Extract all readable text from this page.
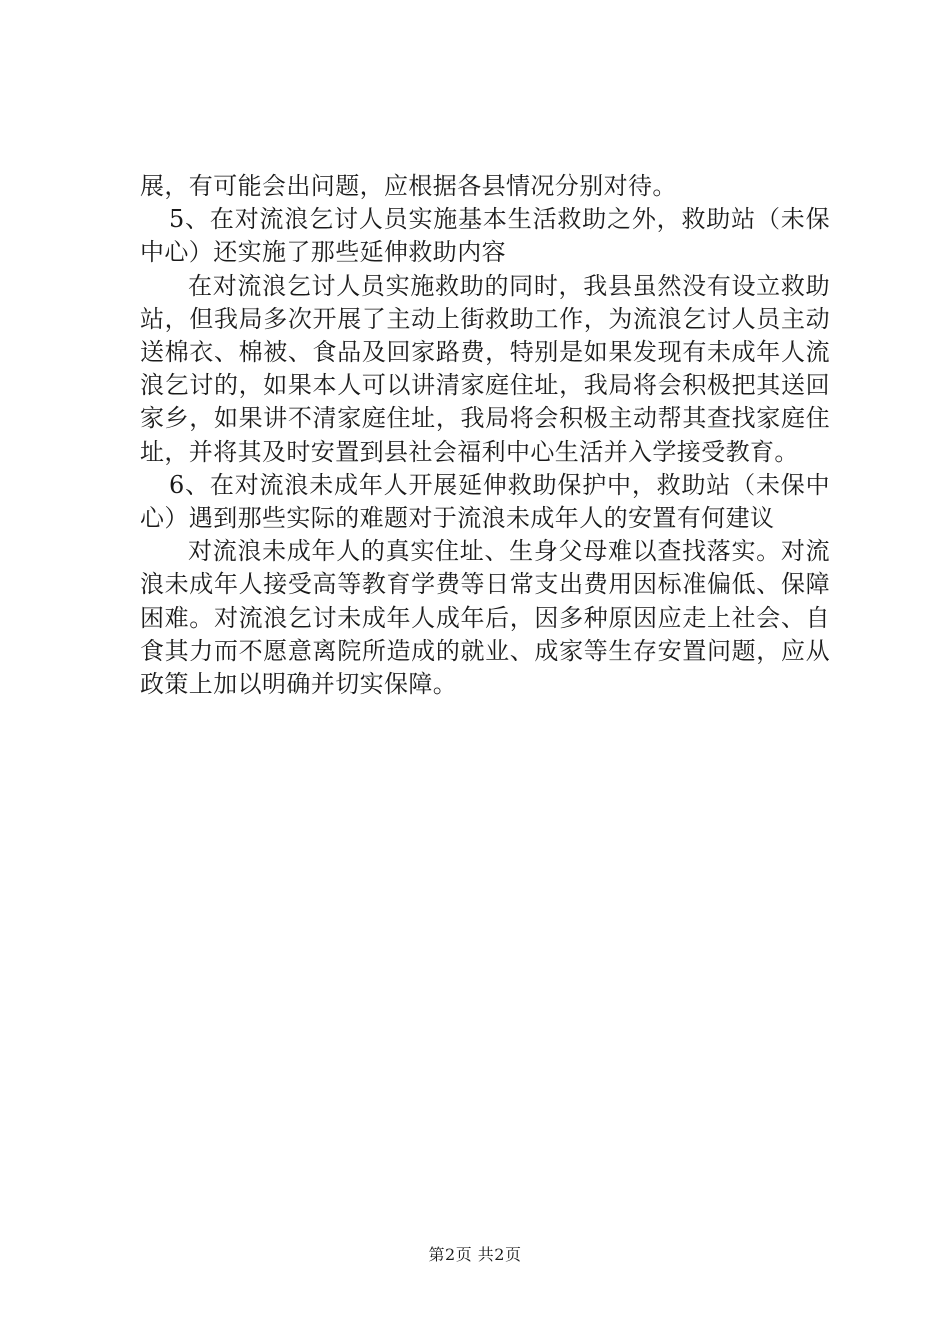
展，有可能会出问题，应根据各县情况分别对待。

5、在对流浪乞讨人员实施基本生活救助之外，救助站（未保中心）还实施了那些延伸救助内容

在对流浪乞讨人员实施救助的同时，我县虽然没有设立救助站，但我局多次开展了主动上街救助工作，为流浪乞讨人员主动送棉衣、棉被、食品及回家路费，特别是如果发现有未成年人流浪乞讨的，如果本人可以讲清家庭住址，我局将会积极把其送回家乡，如果讲不清家庭住址，我局将会积极主动帮其查找家庭住址，并将其及时安置到县社会福利中心生活并入学接受教育。

6、在对流浪未成年人开展延伸救助保护中，救助站（未保中心）遇到那些实际的难题对于流浪未成年人的安置有何建议

对流浪未成年人的真实住址、生身父母难以查找落实。对流浪未成年人接受高等教育学费等日常支出费用因标准偏低、保障困难。对流浪乞讨未成年人成年后，因多种原因应走上社会、自食其力而不愿意离院所造成的就业、成家等生存安置问题，应从政策上加以明确并切实保障。

第2页 共2页
